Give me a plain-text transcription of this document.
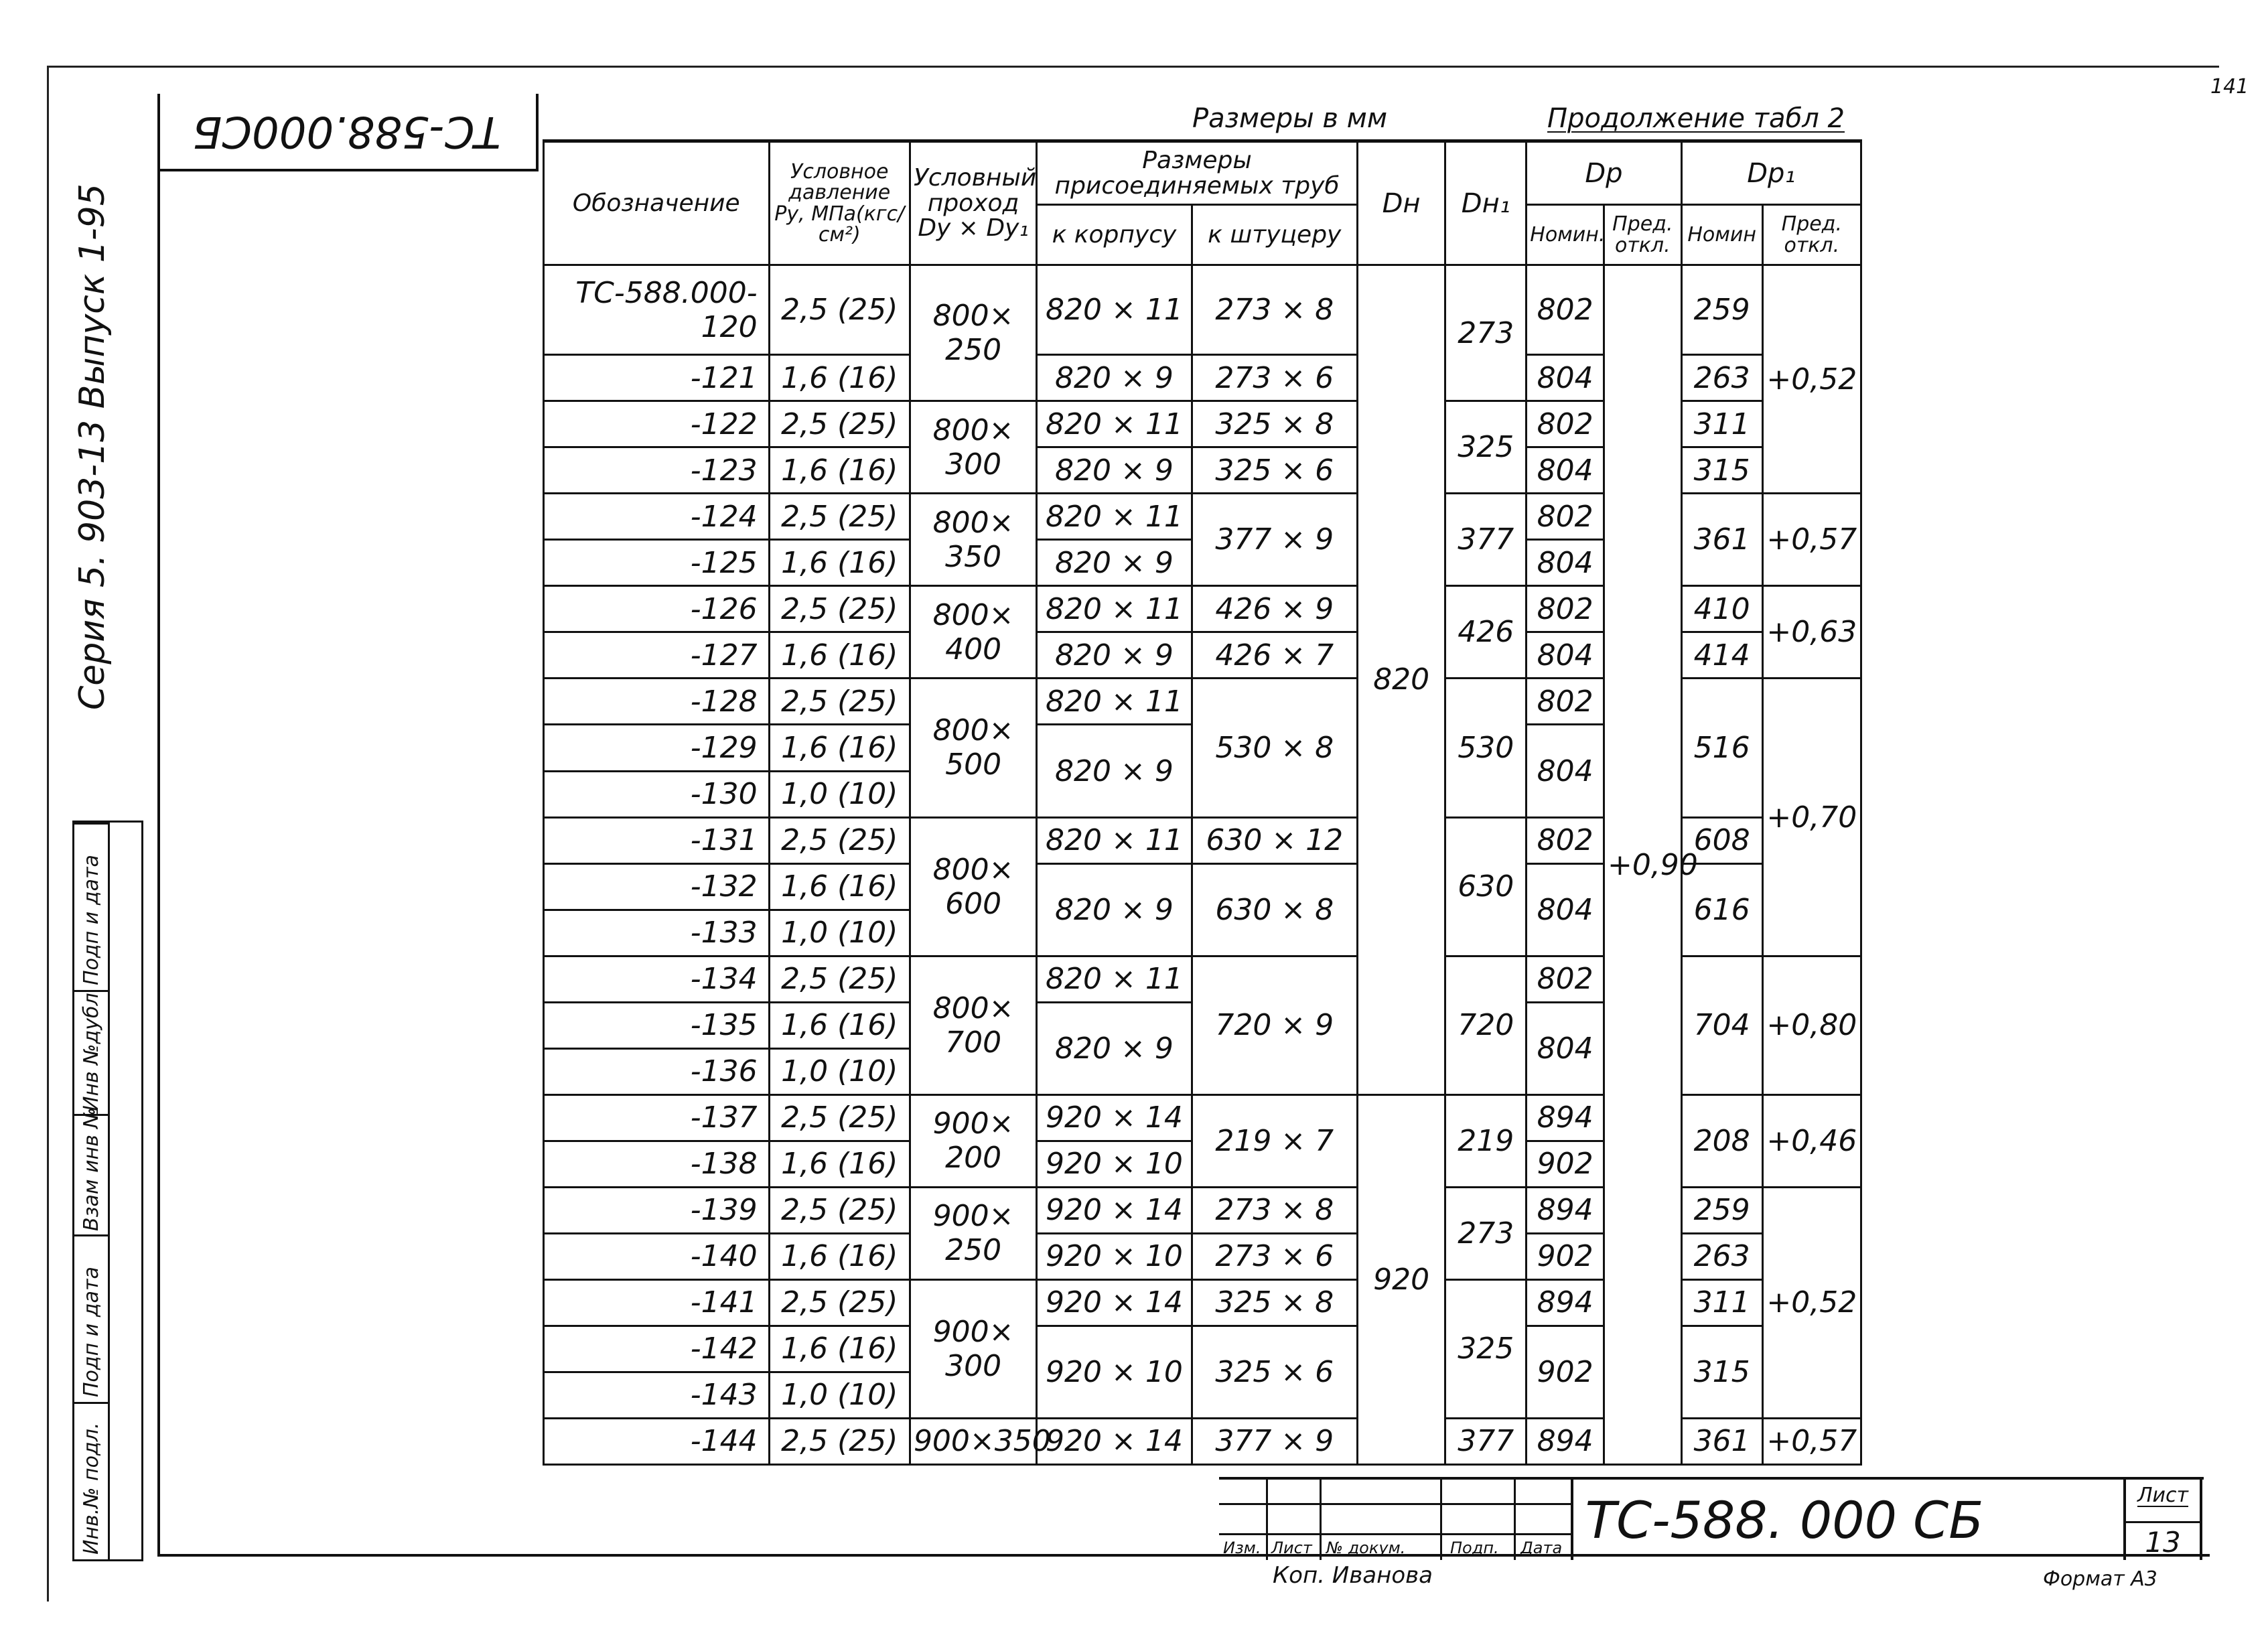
ТС-588.000СБ
141
Размеры в мм	Продолжение табл 2
Серия 5. 903-13 Выпуск 1-95
Подп и дата
Инв №дубл
Взам инв №
Подп и дата
Инв.№ подл.
Обозначение	Условное давление Ру, МПа(кгс/см²)	Условный проход Dу × Dу₁	Размеры присоединяемых труб		Dн	Dн₁	Dр		Dр₁	
			к корпусу	к штуцеру			Номин.	Пред. откл.	Номин	Пред. откл.
ТС-588.000- 120	2,5 (25)	800× 250	820 × 11	273 × 8	820	273	802	+0,90	259	+0,52
-121	1,6 (16)		820 × 9	273 × 6			804		263	
-122	2,5 (25)	800× 300	820 × 11	325 × 8		325	802		311	
-123	1,6 (16)		820 × 9	325 × 6			804		315	
-124	2,5 (25)	800× 350	820 × 11	377 × 9		377	802		361	+0,57
-125	1,6 (16)		820 × 9				804			
-126	2,5 (25)	800× 400	820 × 11	426 × 9		426	802		410	+0,63
-127	1,6 (16)		820 × 9	426 × 7			804		414	
-128	2,5 (25)	800× 500	820 × 11	530 × 8		530	802		516	+0,70
-129	1,6 (16)		820 × 9				804			
-130	1,0 (10)									
-131	2,5 (25)	800× 600	820 × 11	630 × 12		630	802		608	
-132	1,6 (16)		820 × 9	630 × 8			804		616	
-133	1,0 (10)									
-134	2,5 (25)	800× 700	820 × 11	720 × 9		720	802		704	+0,80
-135	1,6 (16)		820 × 9				804			
-136	1,0 (10)									
-137	2,5 (25)	900× 200	920 × 14	219 × 7	920	219	894		208	+0,46
-138	1,6 (16)		920 × 10				902			
-139	2,5 (25)	900× 250	920 × 14	273 × 8		273	894		259	+0,52
-140	1,6 (16)		920 × 10	273 × 6			902		263	
-141	2,5 (25)	900× 300	920 × 14	325 × 8		325	894		311	
-142	1,6 (16)		920 × 10	325 × 6			902		315	
-143	1,0 (10)									
-144	2,5 (25)	900×350	920 × 14	377 × 9		377	894		361	+0,57
Изм. Лист № докум.	Подп. Дата ТС-588. 000 СБ	Лист
13
Коп. Иванова	Формат А3
